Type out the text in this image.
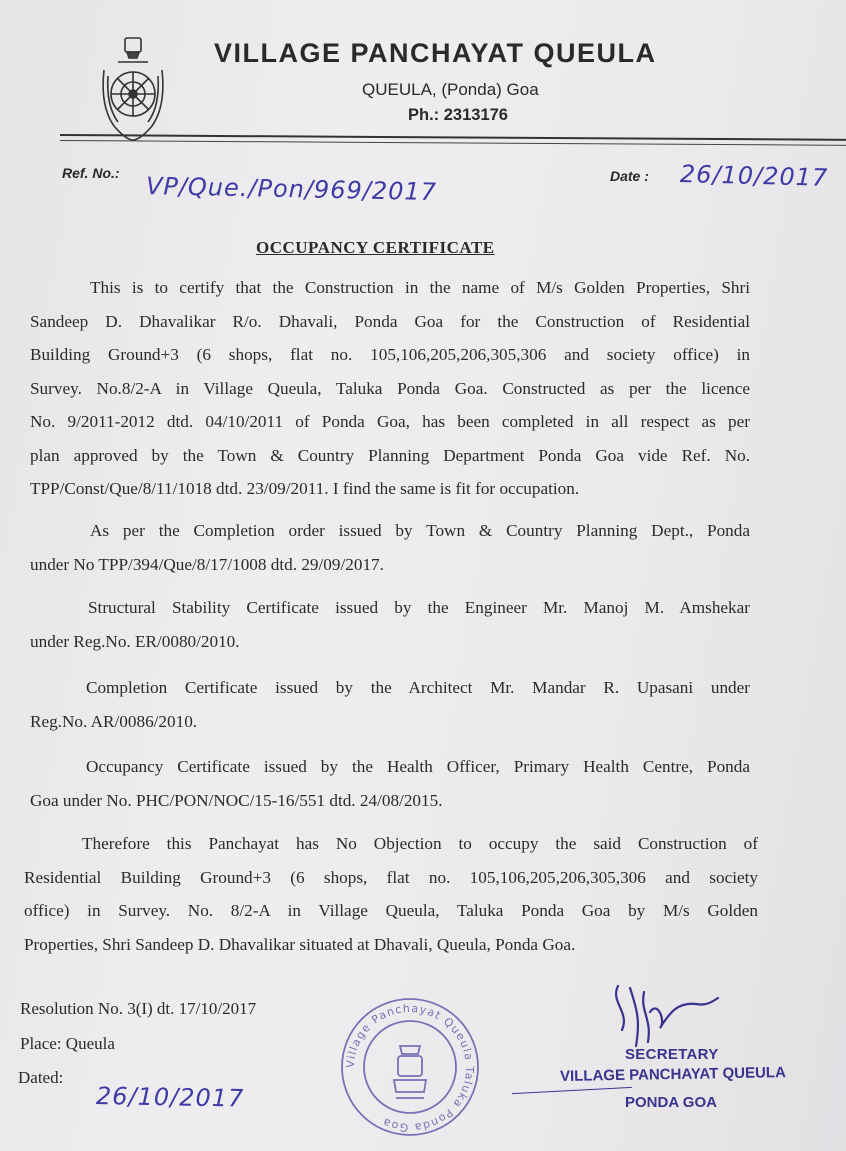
VILLAGE PANCHAYAT QUEULA
QUEULA, (Ponda) Goa
Ph.: 2313176
Ref. No.: VP/Que./Pon/969/2017	Date : 26/10/2017
OCCUPANCY CERTIFICATE
This is to certify that the Construction in the name of M/s Golden Properties, Shri
Sandeep D. Dhavalikar R/o. Dhavali, Ponda Goa for the Construction of Residential
Building Ground+3 (6 shops, flat no. 105,106,205,206,305,306 and society office) in
Survey. No.8/2-A in Village Queula, Taluka Ponda Goa. Constructed as per the licence
No. 9/2011-2012 dtd. 04/10/2011 of Ponda Goa, has been completed in all respect as per
plan approved by the Town & Country Planning Department Ponda Goa vide Ref. No.
TPP/Const/Que/8/11/1018 dtd. 23/09/2011. I find the same is fit for occupation.
As per the Completion order issued by Town & Country Planning Dept., Ponda
under No TPP/394/Que/8/17/1008 dtd. 29/09/2017.
Structural Stability Certificate issued by the Engineer Mr. Manoj M. Amshekar
under Reg.No. ER/0080/2010.
Completion Certificate issued by the Architect Mr. Mandar R. Upasani under
Reg.No. AR/0086/2010.
Occupancy Certificate issued by the Health Officer, Primary Health Centre, Ponda
Goa under No. PHC/PON/NOC/15-16/551 dtd. 24/08/2015.
Therefore this Panchayat has No Objection to occupy the said Construction of
Residential Building Ground+3 (6 shops, flat no. 105,106,205,206,305,306 and society
office) in Survey. No. 8/2-A in Village Queula, Taluka Ponda Goa by M/s Golden
Properties, Shri Sandeep D. Dhavalikar situated at Dhavali, Queula, Ponda Goa.
Resolution No. 3(I) dt. 17/10/2017
Place: Queula
Dated:
26/10/2017
Village Panchayat Queula Taluka Ponda Goa
SECRETARY
VILLAGE PANCHAYAT QUEULA
PONDA GOA
